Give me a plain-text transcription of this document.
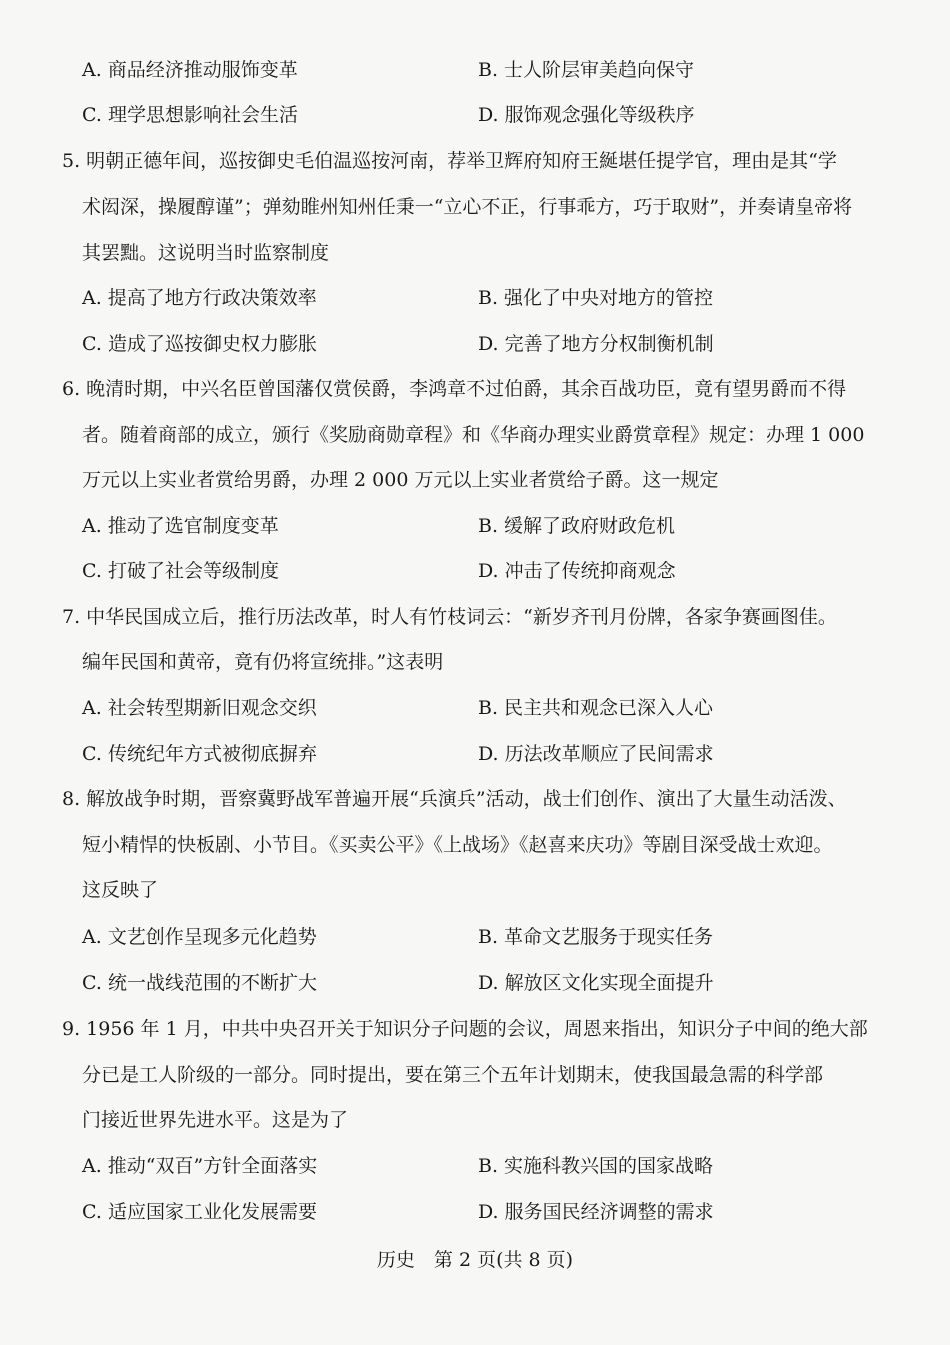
A. 商品经济推动服饰变革	B. 士人阶层审美趋向保守
C. 理学思想影响社会生活	D. 服饰观念强化等级秩序
5. 明朝正德年间，巡按御史毛伯温巡按河南，荐举卫辉府知府王綖堪任提学官，理由是其“学
术闳深，操履醇谨”；弹劾睢州知州任秉一“立心不正，行事乖方，巧于取财”，并奏请皇帝将
其罢黜。这说明当时监察制度
A. 提高了地方行政决策效率	B. 强化了中央对地方的管控
C. 造成了巡按御史权力膨胀	D. 完善了地方分权制衡机制
6. 晚清时期，中兴名臣曾国藩仅赏侯爵，李鸿章不过伯爵，其余百战功臣，竟有望男爵而不得
者。随着商部的成立，颁行《奖励商勋章程》和《华商办理实业爵赏章程》规定：办理 1 000
万元以上实业者赏给男爵，办理 2 000 万元以上实业者赏给子爵。这一规定
A. 推动了选官制度变革	B. 缓解了政府财政危机
C. 打破了社会等级制度	D. 冲击了传统抑商观念
7. 中华民国成立后，推行历法改革，时人有竹枝词云：“新岁齐刊月份牌，各家争赛画图佳。
编年民国和黄帝，竟有仍将宣统排。”这表明
A. 社会转型期新旧观念交织	B. 民主共和观念已深入人心
C. 传统纪年方式被彻底摒弃	D. 历法改革顺应了民间需求
8. 解放战争时期，晋察冀野战军普遍开展“兵演兵”活动，战士们创作、演出了大量生动活泼、
短小精悍的快板剧、小节目。《买卖公平》《上战场》《赵喜来庆功》等剧目深受战士欢迎。
这反映了
A. 文艺创作呈现多元化趋势	B. 革命文艺服务于现实任务
C. 统一战线范围的不断扩大	D. 解放区文化实现全面提升
9. 1956 年 1 月，中共中央召开关于知识分子问题的会议，周恩来指出，知识分子中间的绝大部
分已是工人阶级的一部分。同时提出，要在第三个五年计划期末，使我国最急需的科学部
门接近世界先进水平。这是为了
A. 推动“双百”方针全面落实	B. 实施科教兴国的国家战略
C. 适应国家工业化发展需要	D. 服务国民经济调整的需求
历史　第 2 页(共 8 页)
